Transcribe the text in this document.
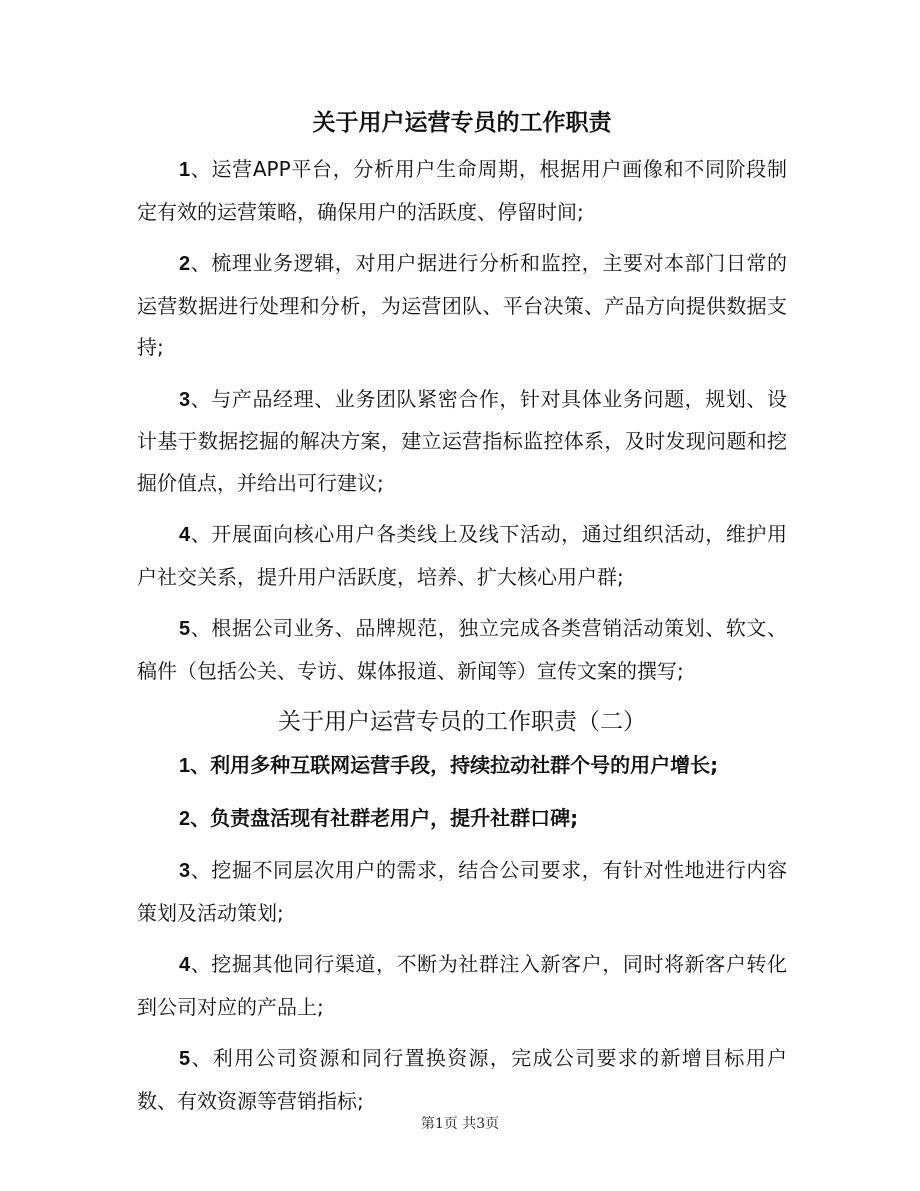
关于用户运营专员的工作职责

1、运营APP平台，分析用户生命周期，根据用户画像和不同阶段制定有效的运营策略，确保用户的活跃度、停留时间;

2、梳理业务逻辑，对用户据进行分析和监控，主要对本部门日常的运营数据进行处理和分析，为运营团队、平台决策、产品方向提供数据支持;

3、与产品经理、业务团队紧密合作，针对具体业务问题，规划、设计基于数据挖掘的解决方案，建立运营指标监控体系，及时发现问题和挖掘价值点，并给出可行建议;

4、开展面向核心用户各类线上及线下活动，通过组织活动，维护用户社交关系，提升用户活跃度，培养、扩大核心用户群;

5、根据公司业务、品牌规范，独立完成各类营销活动策划、软文、稿件（包括公关、专访、媒体报道、新闻等）宣传文案的撰写;

关于用户运营专员的工作职责（二）

1、利用多种互联网运营手段，持续拉动社群个号的用户增长;

2、负责盘活现有社群老用户，提升社群口碑;

3、挖掘不同层次用户的需求，结合公司要求，有针对性地进行内容策划及活动策划;

4、挖掘其他同行渠道，不断为社群注入新客户，同时将新客户转化到公司对应的产品上;

5、利用公司资源和同行置换资源，完成公司要求的新增目标用户数、有效资源等营销指标;

第1页 共3页
